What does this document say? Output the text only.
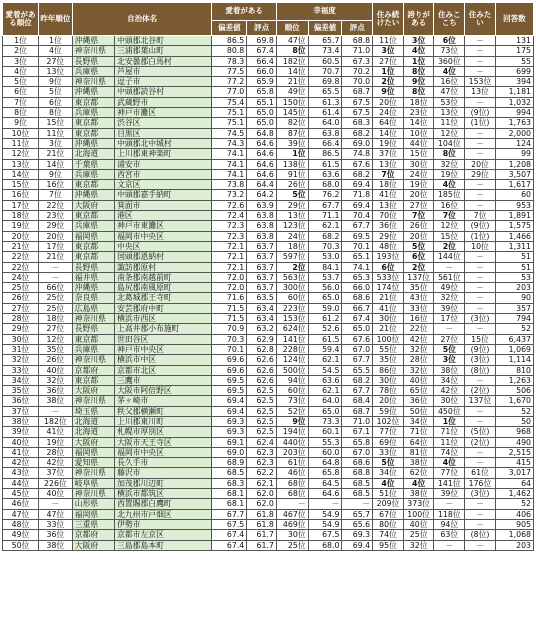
愛着がある順位	昨年順位	自治体名		愛着がある		幸福度			住み続けたい	誇りがある	住みここち	住みたい	回答数
				偏差値	評点	順位	偏差値	評点					
1位	1位	沖縄県	中頭郡北谷町	86.5	69.8	47位	65.7	68.8	11位	3位	6位	－	131
2位	4位	神奈川県	三浦郡葉山町	80.8	67.4	8位	73.4	71.0	3位	4位	73位	－	175
3位	27位	長野県	北安曇郡白馬村	78.3	66.4	182位	60.5	67.3	27位	1位	360位	－	55
4位	13位	兵庫県	芦屋市	77.5	66.0	14位	70.7	70.2	1位	8位	4位	－	699
5位	9位	神奈川県	逗子市	77.2	65.9	21位	69.8	70.0	2位	9位	16位	153位	394
6位	5位	沖縄県	中頭郡読谷村	77.0	65.8	49位	65.5	68.7	9位	8位	47位	13位	1,181
7位	6位	東京都	武蔵野市	75.4	65.1	150位	61.3	67.5	20位	18位	53位	－	1,032
8位	8位	兵庫県	神戸市灘区	75.1	65.0	145位	61.4	67.5	24位	23位	13位	(9位)	994
9位	15位	東京都	渋谷区	75.1	65.0	82位	64.0	68.3	64位	14位	11位	(1位)	1,763
10位	11位	東京都	目黒区	74.5	64.8	87位	63.8	68.2	14位	10位	12位	－	2,000
11位	3位	沖縄県	中頭郡北中城村	74.3	64.6	39位	66.4	69.0	19位	44位	104位	－	124
12位	21位	北海道	上川郡東神楽町	74.1	64.6	1位	86.5	74.8	37位	15位	8位	－	99
13位	14位	千葉県	浦安市	74.1	64.6	138位	61.5	67.6	13位	30位	32位	20位	1,208
14位	9位	兵庫県	西宮市	74.1	64.6	91位	63.6	68.2	7位	24位	19位	29位	3,507
15位	16位	東京都	文京区	73.8	64.4	26位	68.0	69.4	18位	19位	4位	－	1,617
16位	7位	沖縄県	中頭郡嘉手納町	73.2	64.2	5位	76.2	71.8	41位	20位	185位	－	60
17位	22位	大阪府	箕面市	72.6	63.9	29位	67.7	69.4	13位	27位	16位	－	953
18位	23位	東京都	港区	72.4	63.8	13位	71.1	70.4	70位	7位	7位	7位	1,891
19位	29位	兵庫県	神戸市東灘区	72.3	63.8	123位	62.1	67.7	36位	26位	12位	(9位)	1,575
20位	20位	福岡県	福岡市中央区	72.3	63.8	24位	68.2	69.5	29位	20位	15位	(1位)	1,466
21位	17位	東京都	中央区	72.1	63.7	18位	70.3	70.1	48位	5位	2位	10位	1,311
22位	21位	東京都	国頭郡恩納村	72.1	63.7	597位	53.0	65.1	193位	6位	144位	－	51
22位	－	長野県	諏訪郡原村	72.1	63.7	2位	84.1	74.1	6位	2位	－	－	51
24位	－	福井県	南条郡南越前町	72.0	63.7	563位	53.7	65.3	533位	137位	561位	－	53
25位	66位	沖縄県	島尻郡南風原町	72.0	63.7	300位	56.0	66.0	174位	35位	49位	－	203
26位	25位	奈良県	北葛城郡王寺町	71.6	63.5	60位	65.0	68.6	21位	43位	32位	－	90
27位	25位	広島県	安芸郡府中町	71.5	63.4	223位	59.0	66.7	41位	33位	39位	－	357
28位	18位	神奈川県	横浜市西区	71.5	63.4	153位	61.2	67.4	30位	16位	17位	(3位)	794
29位	27位	長野県	上高井郡小布施町	70.9	63.2	624位	52.6	65.0	21位	22位	－	－	52
30位	12位	東京都	世田谷区	70.3	62.9	141位	61.5	67.6	100位	42位	27位	15位	6,437
31位	35位	兵庫県	神戸市中央区	70.1	62.8	228位	59.4	67.0	55位	32位	5位	(9位)	1,069
32位	26位	神奈川県	横浜市中区	69.6	62.6	124位	62.1	67.7	35位	28位	3位	(3位)	1,114
33位	40位	京都府	京都市北区	69.6	62.6	500位	54.5	65.5	86位	32位	38位	(8位)	810
34位	32位	東京都	三鷹市	69.5	62.6	94位	63.6	68.2	30位	40位	34位	－	1,263
35位	36位	大阪府	大阪市阿倍野区	69.5	62.5	60位	62.1	67.7	78位	65位	42位	(2位)	506
36位	38位	神奈川県	茅ヶ崎市	69.4	62.5	73位	64.0	68.4	20位	36位	30位	137位	1,670
37位	－	埼玉県	秩父郡横瀬町	69.4	62.5	52位	65.0	68.7	59位	50位	450位	－	52
38位	182位	北海道	上川郡東川町	69.3	62.5	9位	73.3	71.0	102位	34位	1位	－	50
39位	41位	北海道	札幌市厚別区	69.3	62.5	194位	60.1	67.1	77位	71位	71位	(5位)	968
40位	19位	大阪府	大阪市天王寺区	69.1	62.4	440位	55.3	65.8	69位	64位	11位	(2位)	490
41位	28位	福岡県	福岡市中央区	69.0	62.3	203位	60.0	67.0	33位	81位	74位	－	2,515
42位	42位	愛知県	長久手市	68.9	62.3	61位	64.8	68.6	5位	38位	4位	－	415
43位	37位	神奈川県	藤沢市	68.5	62.2	46位	65.8	68.8	34位	62位	77位	61位	3,017
44位	226位	岐阜県	加茂郡川辺町	68.3	62.1	68位	64.5	68.5	4位	4位	141位	176位	64
45位	40位	神奈川県	横浜市都筑区	68.1	62.0	68位	64.6	68.5	51位	38位	39位	(3位)	1,462
46位	－	山形県	西置賜郡白鷹町	68.1	62.0	－	－	－	209位	373位	－	－	52
47位	47位	福岡県	北九州市戸畑区	67.7	61.8	467位	54.9	65.7	67位	100位	118位	－	406
48位	33位	三重県	伊勢市	67.5	61.8	469位	54.9	65.6	80位	40位	94位	－	905
49位	36位	京都府	京都市左京区	67.4	61.7	30位	67.5	69.3	74位	25位	63位	(8位)	1,068
50位	38位	大阪府	三島郡島本町	67.4	61.7	25位	68.0	69.4	95位	32位	－	－	203
